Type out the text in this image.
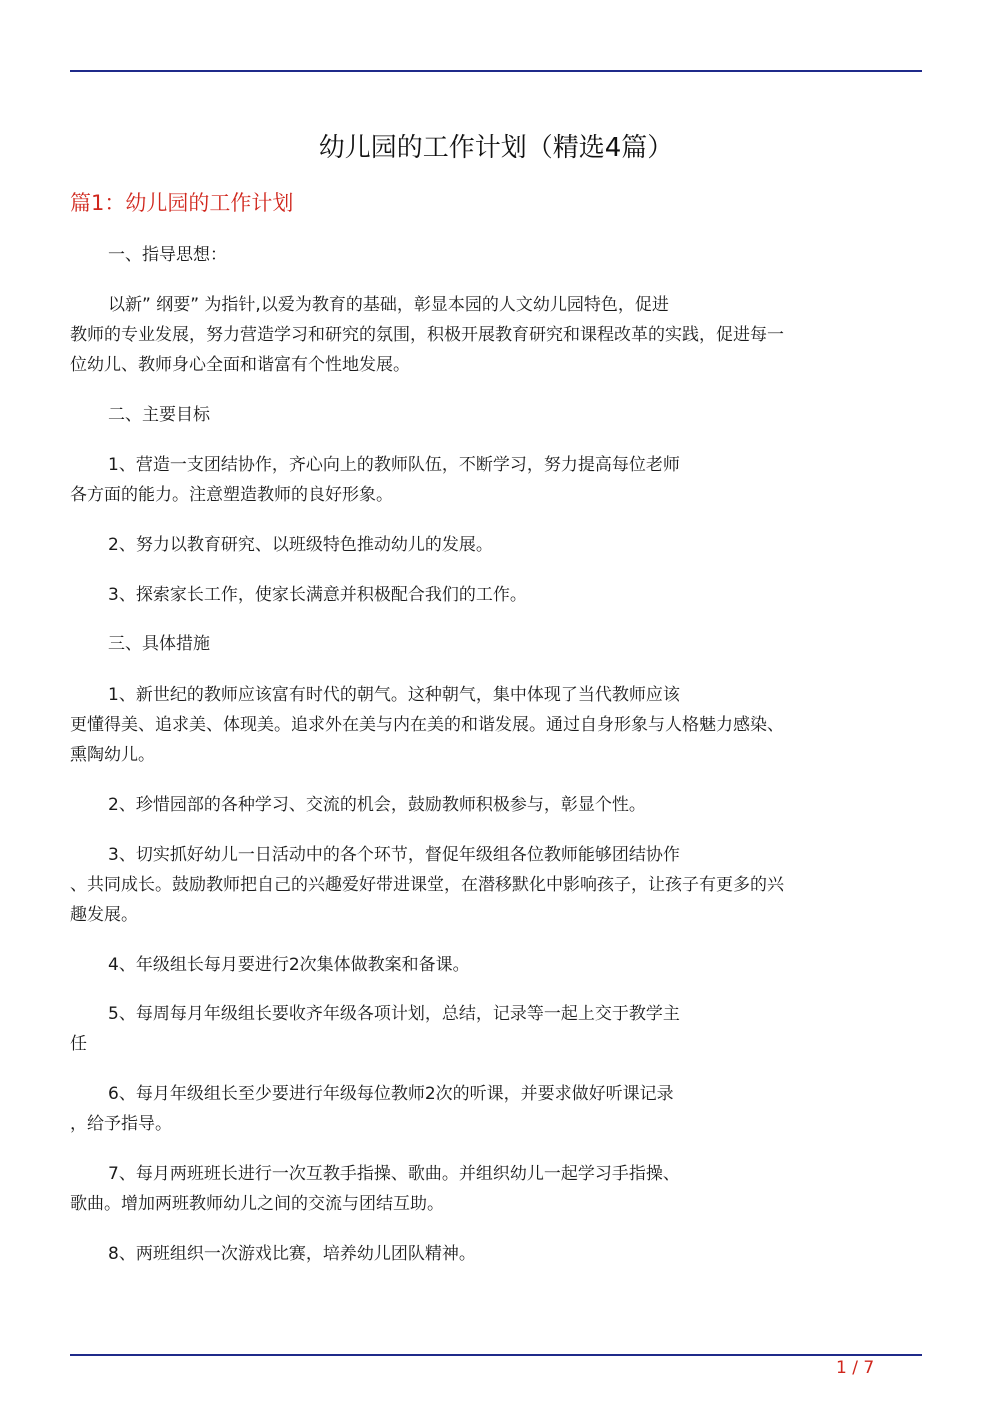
幼儿园的工作计划（精选4篇）
篇1：幼儿园的工作计划
一、指导思想：
以新” 纲要” 为指针,以爱为教育的基础，彰显本园的人文幼儿园特色，促进
教师的专业发展，努力营造学习和研究的氛围，积极开展教育研究和课程改革的实践，促进每一
位幼儿、教师身心全面和谐富有个性地发展。
二、主要目标
1、营造一支团结协作，齐心向上的教师队伍，不断学习，努力提高每位老师
各方面的能力。注意塑造教师的良好形象。
2、努力以教育研究、以班级特色推动幼儿的发展。
3、探索家长工作，使家长满意并积极配合我们的工作。
三、具体措施
1、新世纪的教师应该富有时代的朝气。这种朝气，集中体现了当代教师应该
更懂得美、追求美、体现美。追求外在美与内在美的和谐发展。通过自身形象与人格魅力感染、
熏陶幼儿。
2、珍惜园部的各种学习、交流的机会，鼓励教师积极参与，彰显个性。
3、切实抓好幼儿一日活动中的各个环节，督促年级组各位教师能够团结协作
、共同成长。鼓励教师把自己的兴趣爱好带进课堂，在潜移默化中影响孩子，让孩子有更多的兴
趣发展。
4、年级组长每月要进行2次集体做教案和备课。
5、每周每月年级组长要收齐年级各项计划，总结，记录等一起上交于教学主
任
6、每月年级组长至少要进行年级每位教师2次的听课，并要求做好听课记录
，给予指导。
7、每月两班班长进行一次互教手指操、歌曲。并组织幼儿一起学习手指操、
歌曲。增加两班教师幼儿之间的交流与团结互助。
8、两班组织一次游戏比赛，培养幼儿团队精神。
1 / 7
